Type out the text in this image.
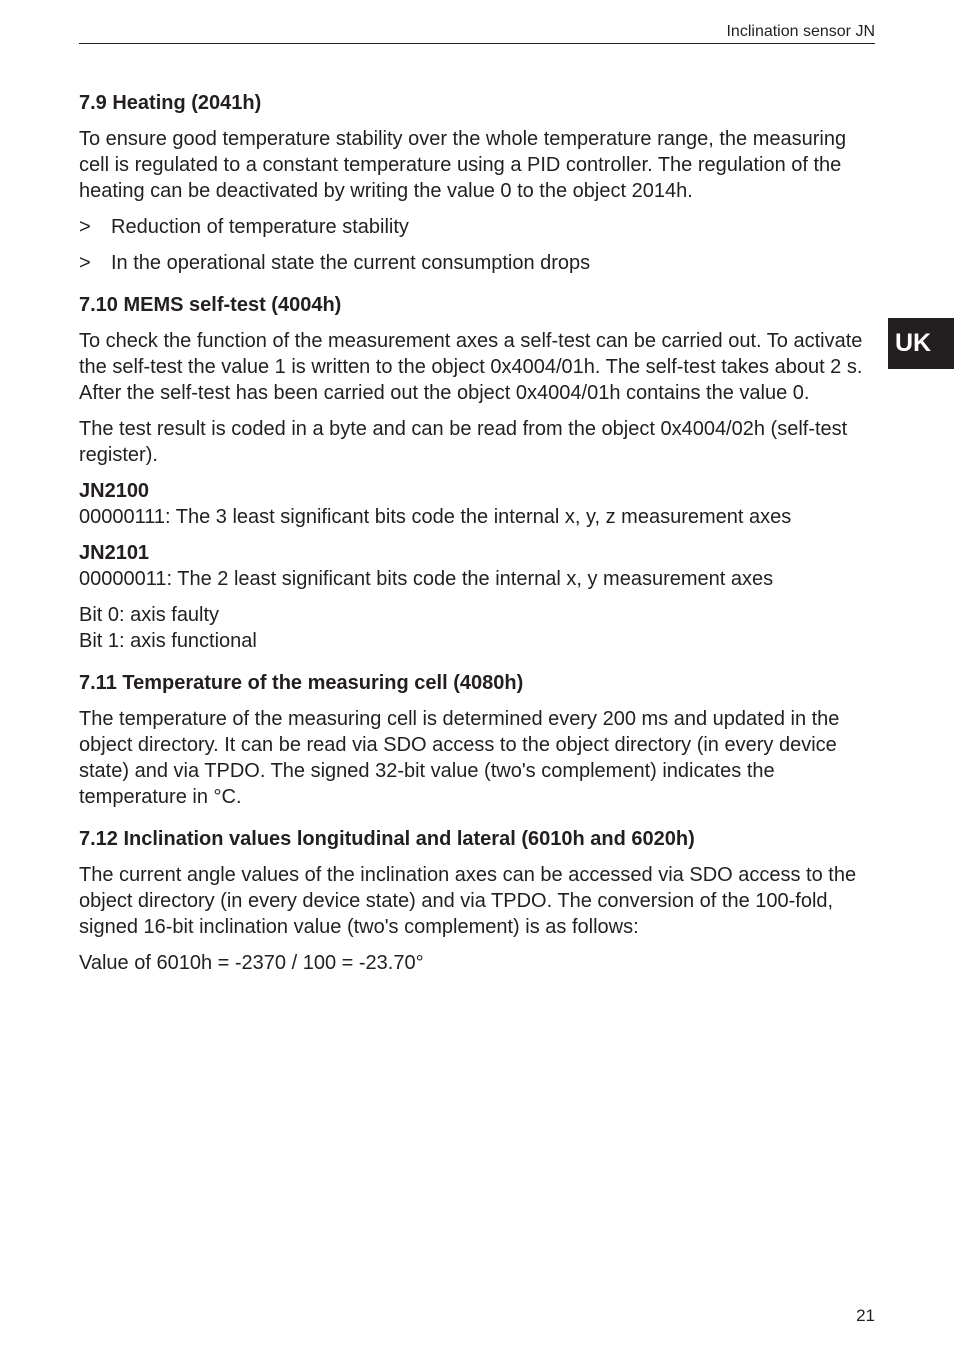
Inclination sensor JN
UK
7.9 Heating (2041h)

To ensure good temperature stability over the whole temperature range, the measuring cell is regulated to a constant temperature using a PID controller. The regulation of the heating can be deactivated by writing the value 0 to the object 2014h.

>	Reduction of temperature stability
>	In the operational state the current consumption drops
7.10 MEMS self-test (4004h)

To check the function of the measurement axes a self-test can be carried out. To activate the self-test the value 1 is written to the object 0x4004/01h. The self-test takes about 2 s. After the self-test has been carried out the object 0x4004/01h contains the value 0.

The test result is coded in a byte and can be read from the object 0x4004/02h (self-test register).

JN2100
00000111: The 3 least significant bits code the internal x, y, z measurement axes

JN2101
00000011: The 2 least significant bits code the internal x, y measurement axes

Bit 0: axis faulty
Bit 1: axis functional

7.11 Temperature of the measuring cell (4080h)

The temperature of the measuring cell is determined every 200 ms and updated in the object directory. It can be read via SDO access to the object directory (in every device state) and via TPDO. The signed 32-bit value (two's complement) indicates the temperature in °C.

7.12 Inclination values longitudinal and lateral (6010h and 6020h)

The current angle values of the inclination axes can be accessed via SDO access to the object directory (in every device state) and via TPDO. The conversion of the 100-fold, signed 16-bit inclination value (two's complement) is as follows:

Value of 6010h = -2370 / 100 = -23.70°

21
